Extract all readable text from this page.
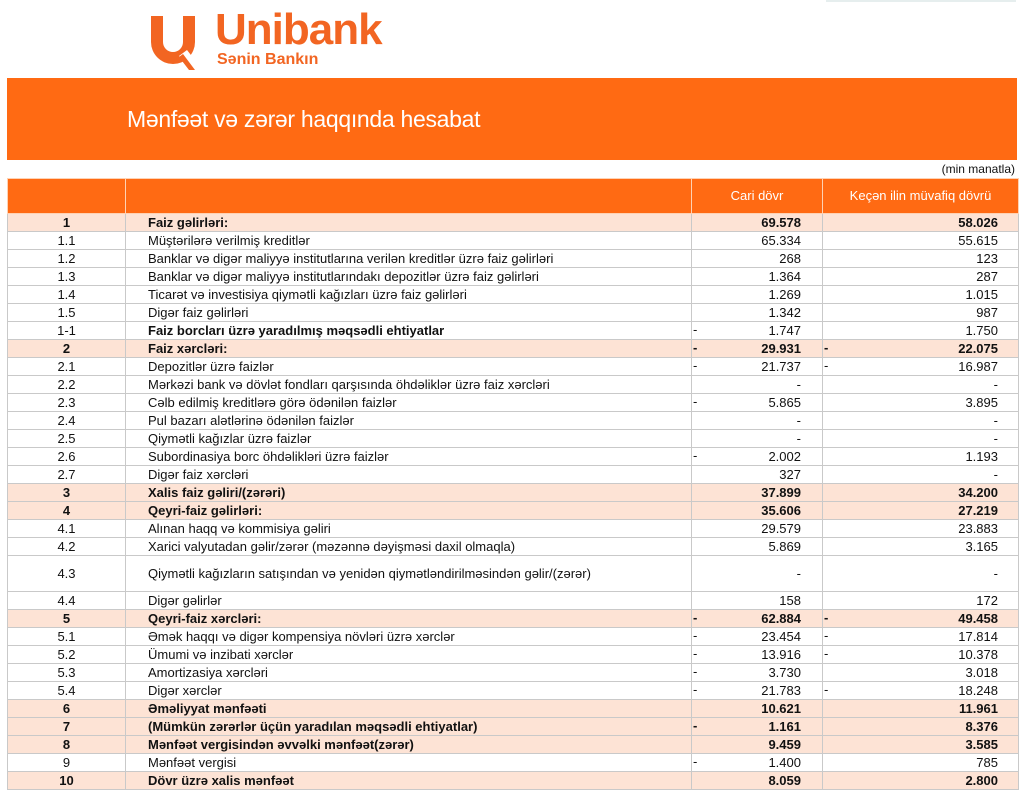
Unibank
Sənin Bankın
Mənfəət və zərər haqqında hesabat
(min manatla)
		Cari dövr	Keçən ilin müvafiq dövrü
1	Faiz gəlirləri:	69.578	58.026
1.1	Müştərilərə verilmiş kreditlər	65.334	55.615
1.2	Banklar və digər maliyyə institutlarına verilən kreditlər üzrə faiz gəlirləri	268	123
1.3	Banklar və digər maliyyə institutlarındakı depozitlər üzrə faiz gəlirləri	1.364	287
1.4	Ticarət və investisiya qiymətli kağızları üzrə faiz gəlirləri	1.269	1.015
1.5	Digər faiz gəlirləri	1.342	987
1-1	Faiz borcları üzrə yaradılmış məqsədli ehtiyatlar	- 1.747	1.750
2	Faiz xərcləri:	- 29.931	- 22.075
2.1	Depozitlər üzrə faizlər	- 21.737	- 16.987
2.2	Mərkəzi bank və dövlət fondları qarşısında öhdəliklər üzrə faiz xərcləri	-	-
2.3	Cəlb edilmiş kreditlərə görə ödənilən faizlər	- 5.865	3.895
2.4	Pul bazarı alətlərinə ödənilən faizlər	-	-
2.5	Qiymətli kağızlar üzrə faizlər	-	-
2.6	Subordinasiya borc öhdəlikləri üzrə faizlər	- 2.002	1.193
2.7	Digər faiz xərcləri	327	-
3	Xalis faiz gəliri/(zərəri)	37.899	34.200
4	Qeyri-faiz gəlirləri:	35.606	27.219
4.1	Alınan haqq və kommisiya gəliri	29.579	23.883
4.2	Xarici valyutadan gəlir/zərər (məzənnə dəyişməsi daxil olmaqla)	5.869	3.165
4.3	Qiymətli kağızların satışından və yenidən qiymətləndirilməsindən gəlir/(zərər)	-	-
4.4	Digər gəlirlər	158	172
5	Qeyri-faiz xərcləri:	- 62.884	- 49.458
5.1	Əmək haqqı və digər kompensiya növləri üzrə xərclər	- 23.454	- 17.814
5.2	Ümumi və inzibati xərclər	- 13.916	- 10.378
5.3	Amortizasiya xərcləri	- 3.730	3.018
5.4	Digər xərclər	- 21.783	- 18.248
6	Əməliyyat mənfəəti	10.621	11.961
7	(Mümkün zərərlər üçün yaradılan məqsədli ehtiyatlar)	- 1.161	8.376
8	Mənfəət vergisindən əvvəlki mənfəət(zərər)	9.459	3.585
9	Mənfəət vergisi	- 1.400	785
10	Dövr üzrə xalis mənfəət	8.059	2.800
